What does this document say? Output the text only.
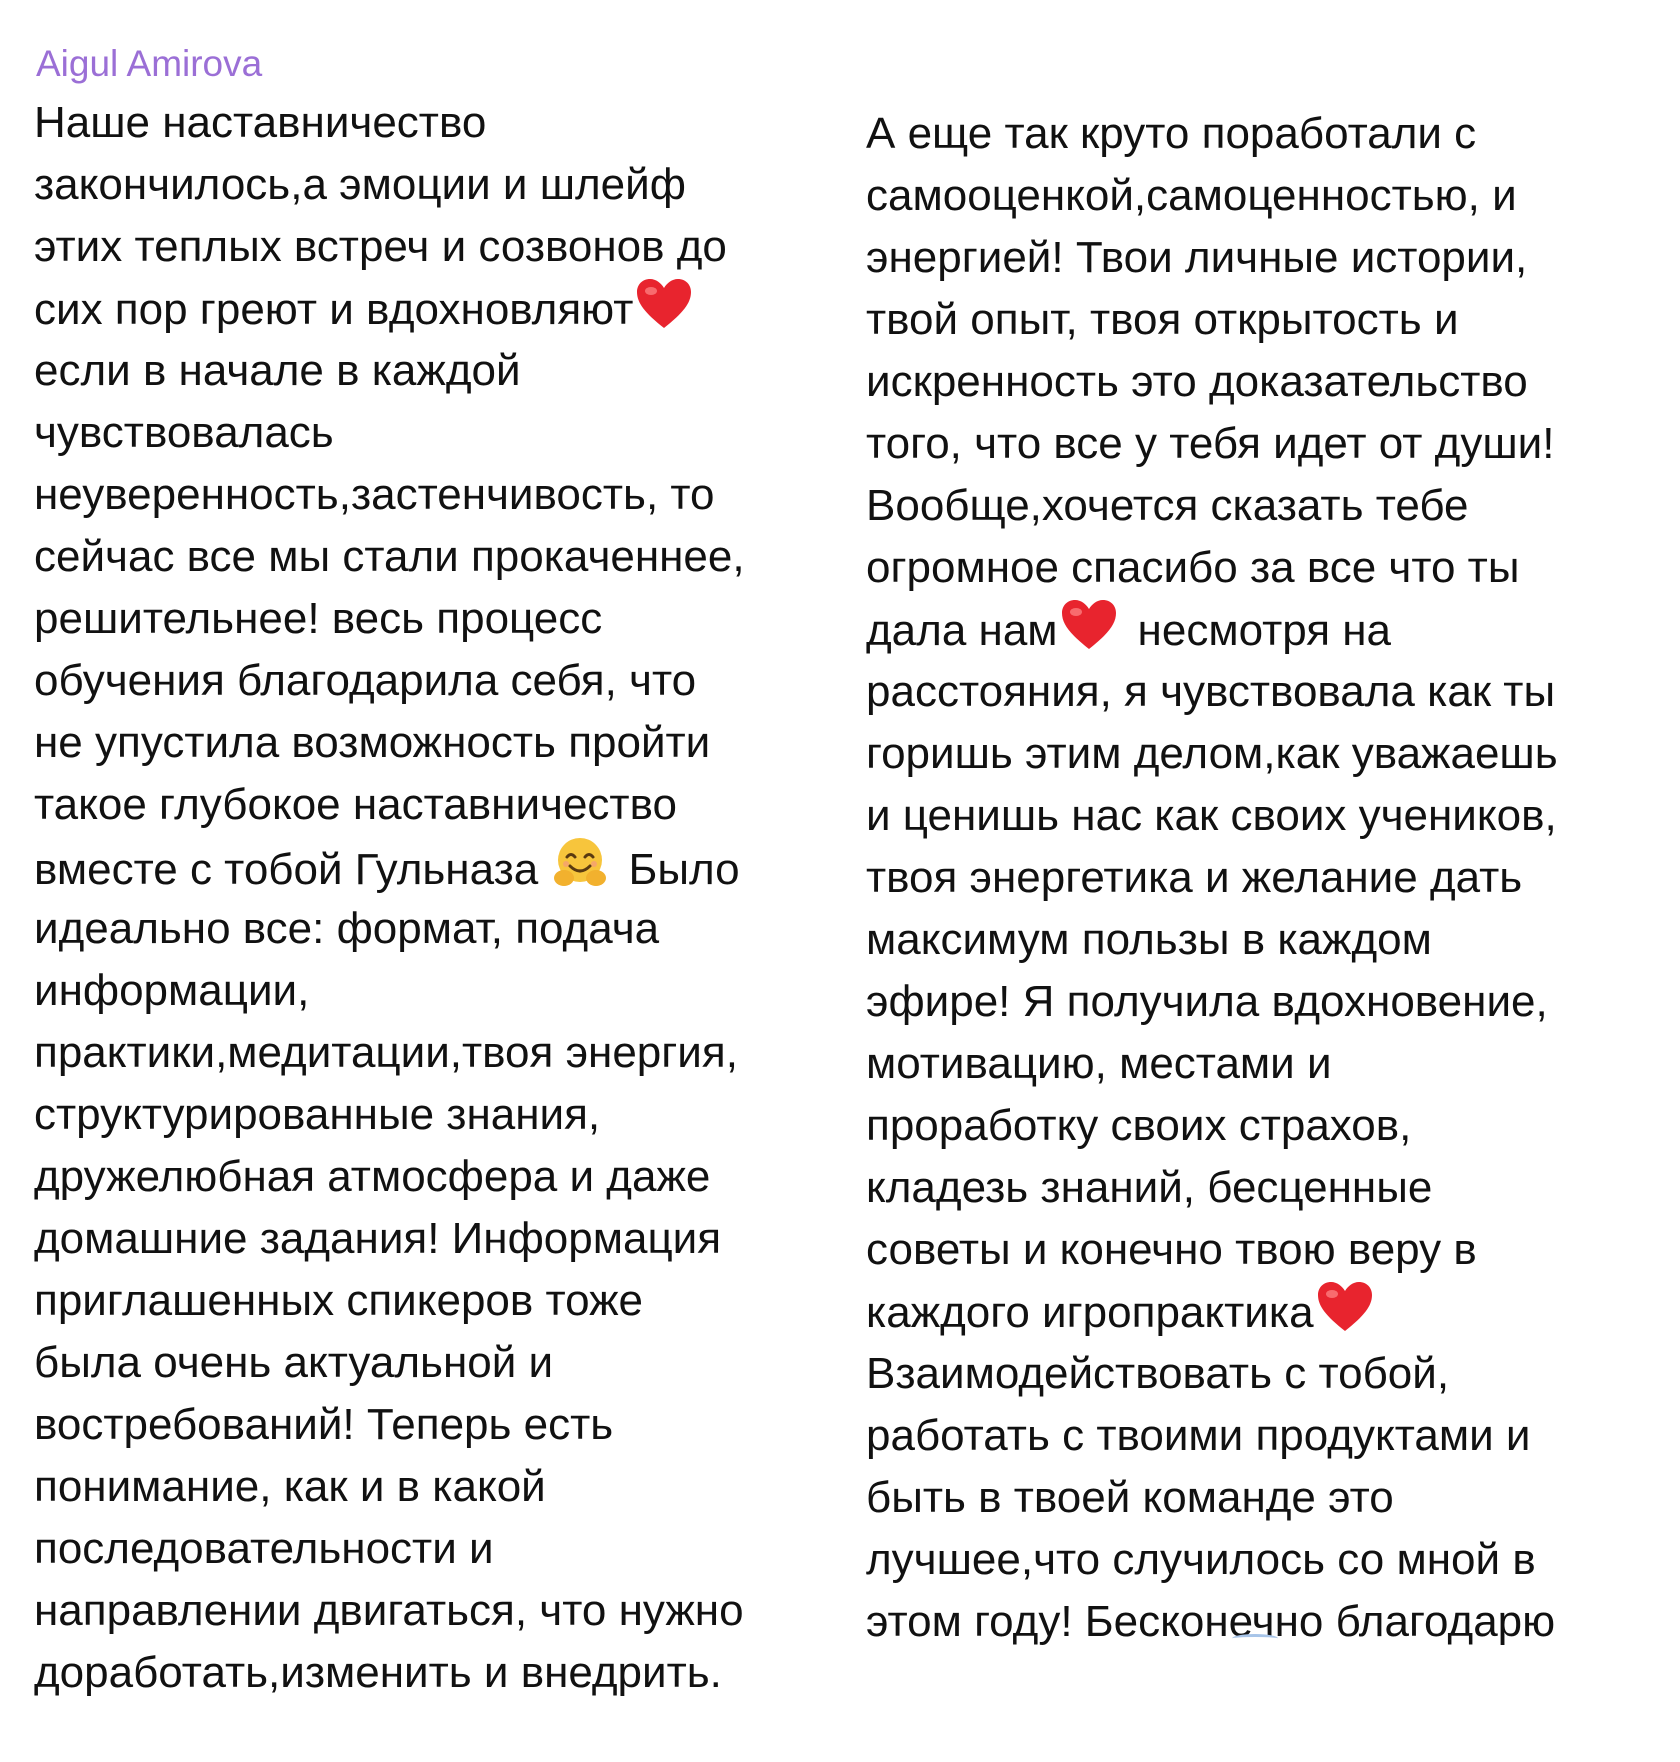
Aigul Amirova
Наше наставничество
закончилось,а эмоции и шлейф
этих теплых встреч и созвонов до
сих пор греют и вдохновляют
если в начале в каждой
чувствовалась
неуверенность,застенчивость, то
сейчас все мы стали прокаченнее,
решительнее! весь процесс
обучения благодарила себя, что
не упустила возможность пройти
такое глубокое наставничество
вместе с тобой Гульназа Было
идеально все: формат, подача
информации,
практики,медитации,твоя энергия,
структурированные знания,
дружелюбная атмосфера и даже
домашние задания! Информация
приглашенных спикеров тоже
была очень актуальной и
востребований! Теперь есть
понимание, как и в какой
последовательности и
направлении двигаться, что нужно
доработать,изменить и внедрить.
А еще так круто поработали с
самооценкой,самоценностью, и
энергией! Твои личные истории,
твой опыт, твоя открытость и
искренность это доказательство
того, что все у тебя идет от души!
Вообще,хочется сказать тебе
огромное спасибо за все что ты
дала нам несмотря на
расстояния, я чувствовала как ты
горишь этим делом,как уважаешь
и ценишь нас как своих учеников,
твоя энергетика и желание дать
максимум пользы в каждом
эфире! Я получила вдохновение,
мотивацию, местами и
проработку своих страхов,
кладезь знаний, бесценные
советы и конечно твою веру в
каждого игропрактика
Взаимодействовать с тобой,
работать с твоими продуктами и
быть в твоей команде это
лучшее,что случилось со мной в
этом году! Бесконечно благодарю
